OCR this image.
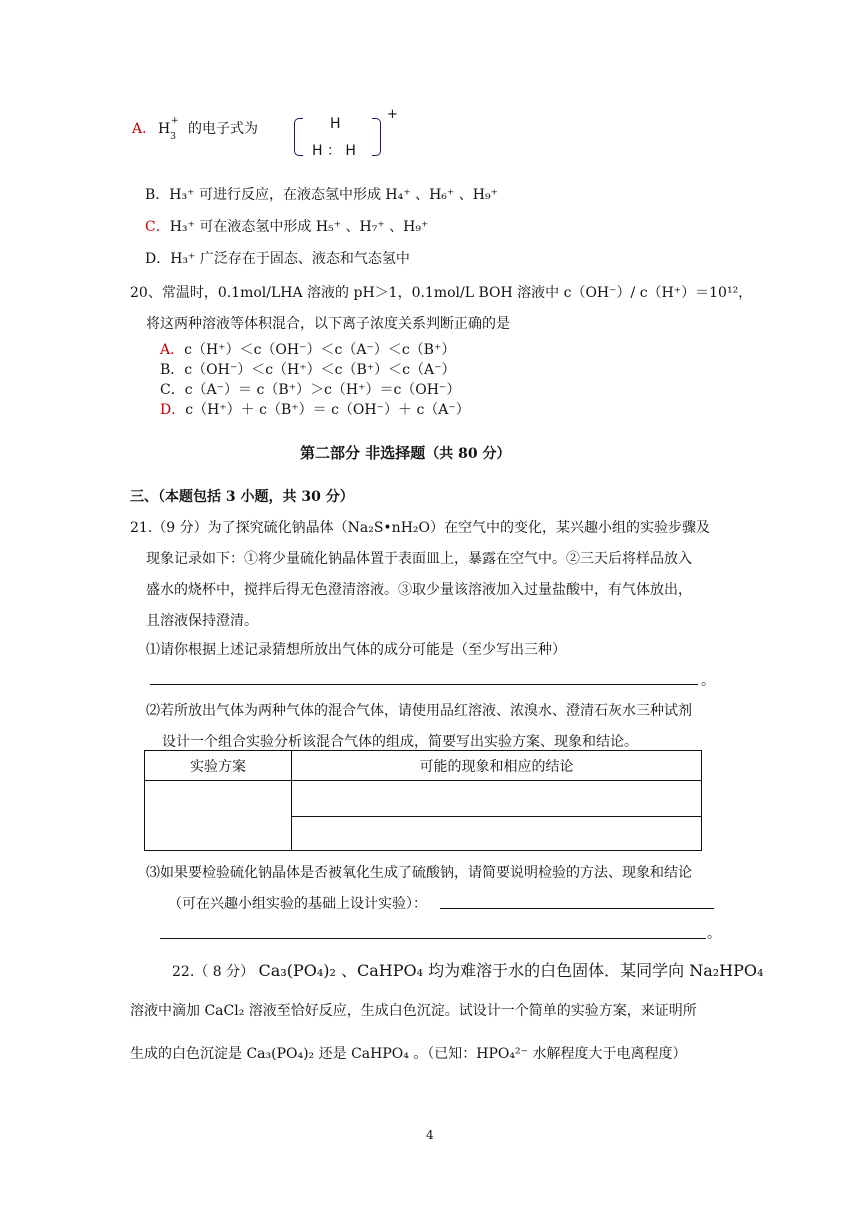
A． $H_3^+$ 的电子式为	H
H ： H
+
B．H₃⁺ 可进行反应，在液态氢中形成 H₄⁺ 、H₆⁺ 、H₉⁺
C．H₃⁺ 可在液态氢中形成 H₅⁺ 、H₇⁺ 、H₉⁺
D．H₃⁺ 广泛存在于固态、液态和气态氢中
20、常温时，0.1mol/LHA 溶液的 pH＞1，0.1mol/L BOH 溶液中 c（OH⁻）/ c（H⁺）＝10¹²，
将这两种溶液等体积混合，以下离子浓度关系判断正确的是
A．c（H⁺）＜c（OH⁻）＜c（A⁻）＜c（B⁺）
B．c（OH⁻）＜c（H⁺）＜c（B⁺）＜c（A⁻）
C．c（A⁻）＝ c（B⁺）＞c（H⁺）＝c（OH⁻）
D．c（H⁺）＋ c（B⁺）＝ c（OH⁻）＋ c（A⁻）
第二部分 非选择题（共 80 分）
三、（本题包括 3 小题，共 30 分）
21.（9 分）为了探究硫化钠晶体（Na₂S•nH₂O）在空气中的变化，某兴趣小组的实验步骤及
现象记录如下：①将少量硫化钠晶体置于表面皿上，暴露在空气中。②三天后将样品放入
盛水的烧杯中，搅拌后得无色澄清溶液。③取少量该溶液加入过量盐酸中，有气体放出，
且溶液保持澄清。
⑴请你根据上述记录猜想所放出气体的成分可能是（至少写出三种）
。
⑵若所放出气体为两种气体的混合气体，请使用品红溶液、浓溴水、澄清石灰水三种试剂
设计一个组合实验分析该混合气体的组成，简要写出实验方案、现象和结论。
实验方案	可能的现象和相应的结论

⑶如果要检验硫化钠晶体是否被氧化生成了硫酸钠，请简要说明检验的方法、现象和结论
（可在兴趣小组实验的基础上设计实验）：
。
22.（ 8 分） Ca₃(PO₄)₂ 、CaHPO₄ 均为难溶于水的白色固体．某同学向 Na₂HPO₄
溶液中滴加 CaCl₂ 溶液至恰好反应，生成白色沉淀。试设计一个简单的实验方案，来证明所
生成的白色沉淀是 Ca₃(PO₄)₂ 还是 CaHPO₄ 。（已知：HPO₄²⁻ 水解程度大于电离程度）
4
